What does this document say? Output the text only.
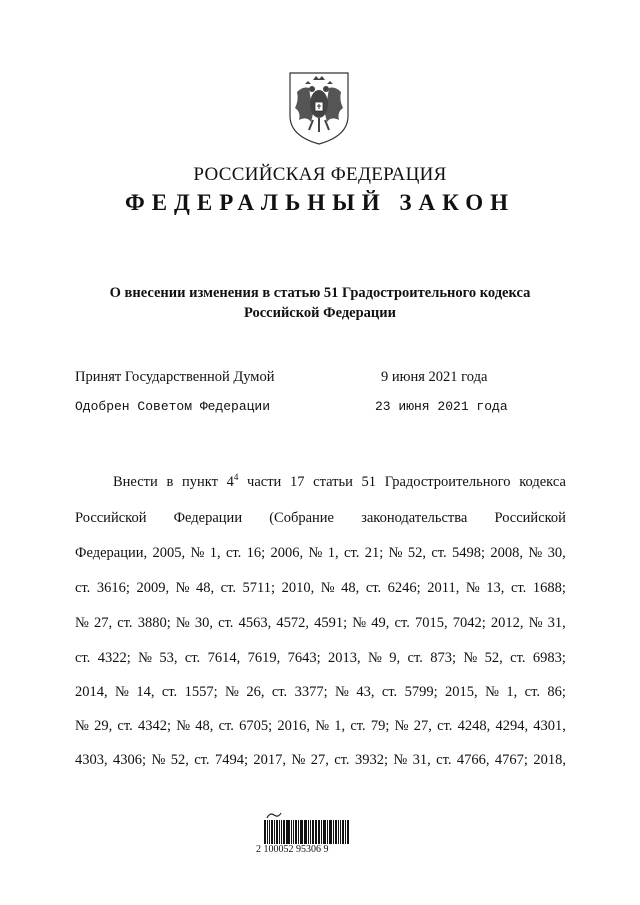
РОССИЙСКАЯ ФЕДЕРАЦИЯ
ФЕДЕРАЛЬНЫЙ ЗАКОН
О внесении изменения в статью 51 Градостроительного кодекса
Российской Федерации
Принят Государственной Думой	9 июня 2021 года
Одобрен Советом Федерации	23 июня 2021 года
Внести в пункт $4^4$ части 17 статьи 51 Градостроительного кодекса
Российской Федерации (Собрание законодательства Российской
Федерации, 2005, № 1, ст. 16; 2006, № 1, ст. 21; № 52, ст. 5498; 2008, № 30,
ст. 3616; 2009, № 48, ст. 5711; 2010, № 48, ст. 6246; 2011, № 13, ст. 1688;
№ 27, ст. 3880; № 30, ст. 4563, 4572, 4591; № 49, ст. 7015, 7042; 2012, № 31,
ст. 4322; № 53, ст. 7614, 7619, 7643; 2013, № 9, ст. 873; № 52, ст. 6983;
2014, № 14, ст. 1557; № 26, ст. 3377; № 43, ст. 5799; 2015, № 1, ст. 86;
№ 29, ст. 4342; № 48, ст. 6705; 2016, № 1, ст. 79; № 27, ст. 4248, 4294, 4301,
4303, 4306; № 52, ст. 7494; 2017, № 27, ст. 3932; № 31, ст. 4766, 4767; 2018,
2 100052 95306 9
